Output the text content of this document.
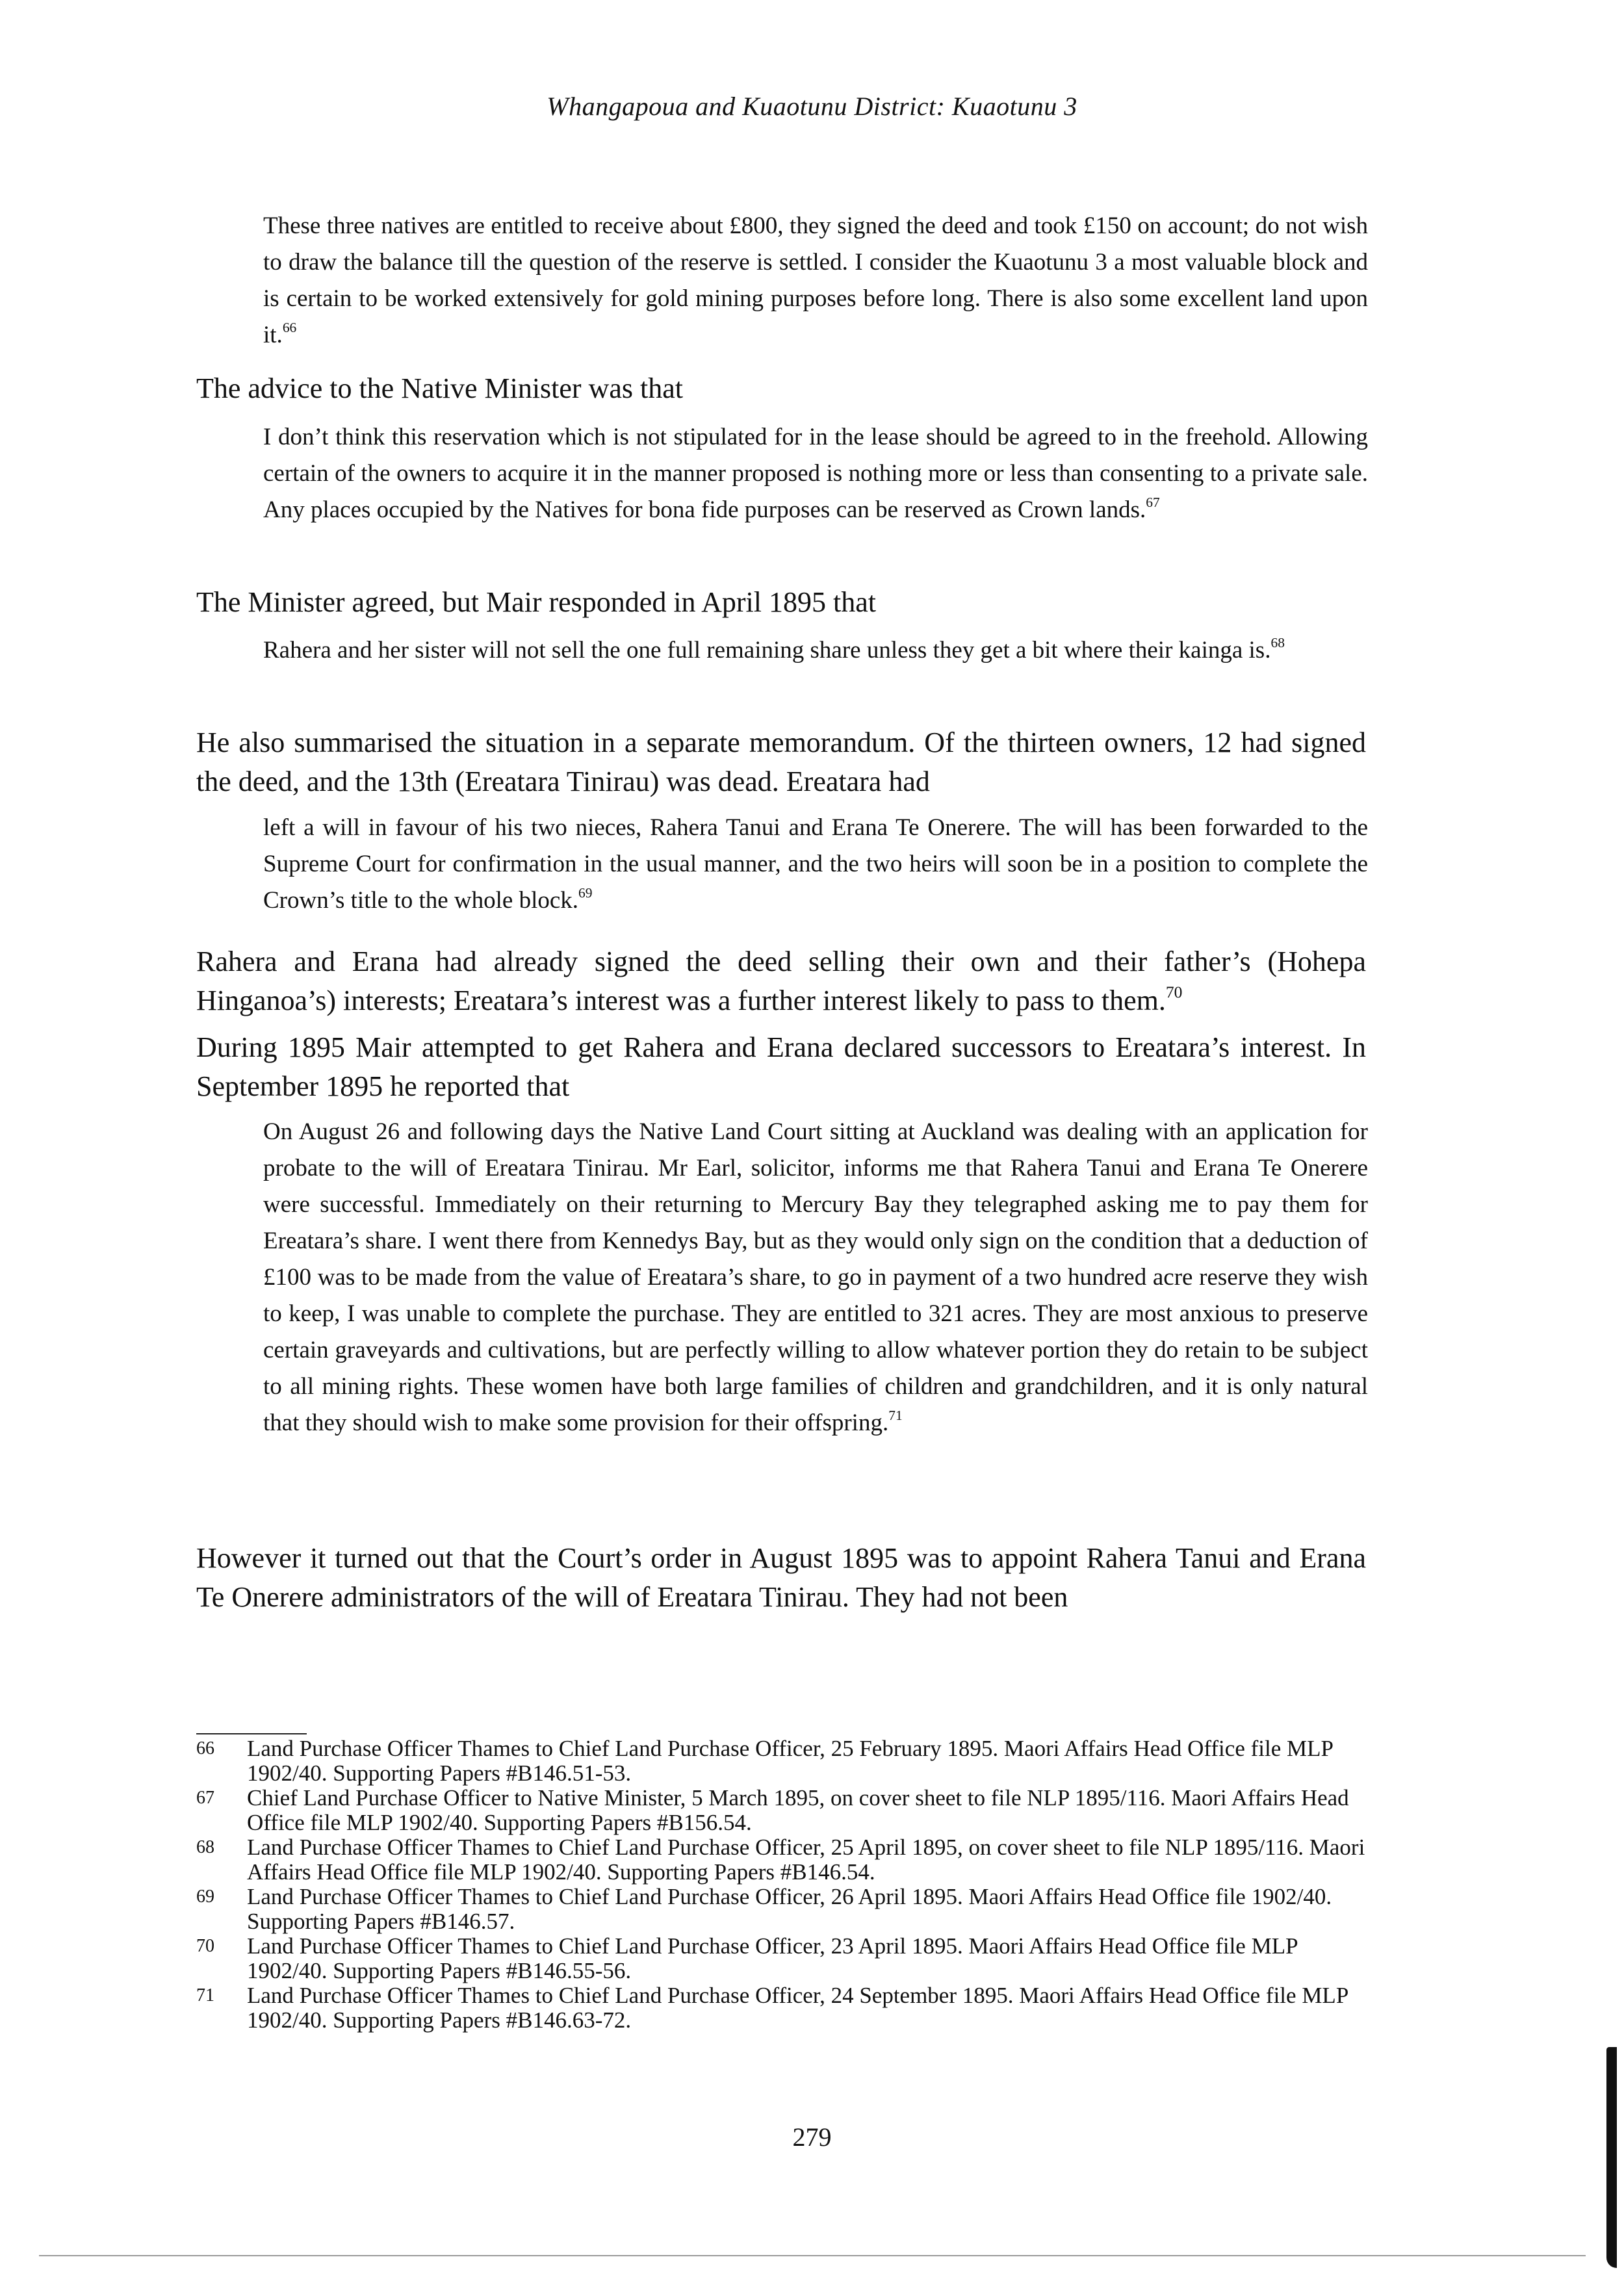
Whangapoua and Kuaotunu District: Kuaotunu 3
These three natives are entitled to receive about £800, they signed the deed and took £150 on account; do not wish to draw the balance till the question of the reserve is settled. I consider the Kuaotunu 3 a most valuable block and is certain to be worked extensively for gold mining purposes before long. There is also some excellent land upon it.$^{66}$
The advice to the Native Minister was that
I don’t think this reservation which is not stipulated for in the lease should be agreed to in the freehold. Allowing certain of the owners to acquire it in the manner proposed is nothing more or less than consenting to a private sale. Any places occupied by the Natives for bona fide purposes can be reserved as Crown lands.$^{67}$
The Minister agreed, but Mair responded in April 1895 that
Rahera and her sister will not sell the one full remaining share unless they get a bit where their kainga is.$^{68}$
He also summarised the situation in a separate memorandum. Of the thirteen owners, 12 had signed the deed, and the 13th (Ereatara Tinirau) was dead. Ereatara had
left a will in favour of his two nieces, Rahera Tanui and Erana Te Onerere. The will has been forwarded to the Supreme Court for confirmation in the usual manner, and the two heirs will soon be in a position to complete the Crown’s title to the whole block.$^{69}$
Rahera and Erana had already signed the deed selling their own and their father’s (Hohepa Hinganoa’s) interests; Ereatara’s interest was a further interest likely to pass to them.$^{70}$
During 1895 Mair attempted to get Rahera and Erana declared successors to Ereatara’s interest. In September 1895 he reported that
On August 26 and following days the Native Land Court sitting at Auckland was dealing with an application for probate to the will of Ereatara Tinirau. Mr Earl, solicitor, informs me that Rahera Tanui and Erana Te Onerere were successful. Immediately on their returning to Mercury Bay they telegraphed asking me to pay them for Ereatara’s share. I went there from Kennedys Bay, but as they would only sign on the condition that a deduction of £100 was to be made from the value of Ereatara’s share, to go in payment of a two hundred acre reserve they wish to keep, I was unable to complete the purchase. They are entitled to 321 acres. They are most anxious to preserve certain graveyards and cultivations, but are perfectly willing to allow whatever portion they do retain to be subject to all mining rights. These women have both large families of children and grandchildren, and it is only natural that they should wish to make some provision for their offspring.$^{71}$
However it turned out that the Court’s order in August 1895 was to appoint Rahera Tanui and Erana Te Onerere administrators of the will of Ereatara Tinirau. They had not been
66	Land Purchase Officer Thames to Chief Land Purchase Officer, 25 February 1895. Maori Affairs Head Office file MLP 1902/40. Supporting Papers #B146.51-53.
67	Chief Land Purchase Officer to Native Minister, 5 March 1895, on cover sheet to file NLP 1895/116. Maori Affairs Head Office file MLP 1902/40. Supporting Papers #B156.54.
68	Land Purchase Officer Thames to Chief Land Purchase Officer, 25 April 1895, on cover sheet to file NLP 1895/116. Maori Affairs Head Office file MLP 1902/40. Supporting Papers #B146.54.
69	Land Purchase Officer Thames to Chief Land Purchase Officer, 26 April 1895. Maori Affairs Head Office file 1902/40. Supporting Papers #B146.57.
70	Land Purchase Officer Thames to Chief Land Purchase Officer, 23 April 1895. Maori Affairs Head Office file MLP 1902/40. Supporting Papers #B146.55-56.
71	Land Purchase Officer Thames to Chief Land Purchase Officer, 24 September 1895. Maori Affairs Head Office file MLP 1902/40. Supporting Papers #B146.63-72.
279
